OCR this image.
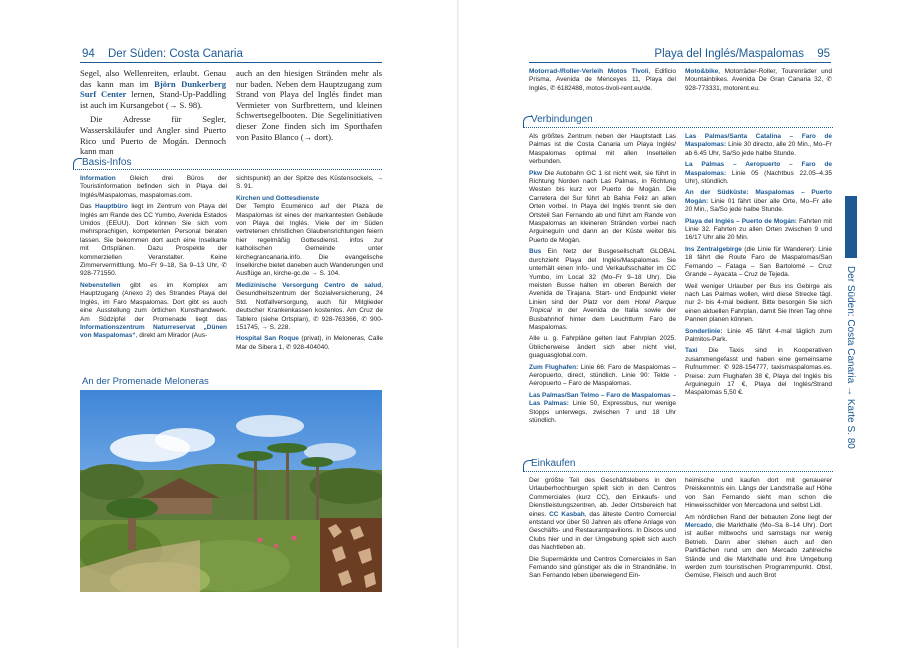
94 Der Süden: Costa Canaria	Playa del Inglés/Maspalomas 95

Segel, also Wellenreiten, erlaubt. Genau das kann man im Björn Dunkerberg Surf Center lernen, Stand-Up-Paddling ist auch im Kursangebot (→ S. 98).

Die Adresse für Segler, Wasserskiläufer und Angler sind Puerto Rico und Puerto de Mogán. Dennoch kann man

auch an den hiesigen Stränden mehr als nur baden. Neben dem Hauptzugang zum Strand von Playa del Inglés findet man Vermieter von Surfbrettern, und kleinen Schwertsegelbooten. Die Segelinitiativen dieser Zone finden sich im Sporthafen von Pasito Blanco (→ dort).

Basis-Infos

Information Gleich drei Büros der Touristinformation befinden sich in Playa del Inglés/Maspalomas, maspalomas.com.

Das Hauptbüro liegt im Zentrum von Playa del Inglés am Rande des CC Yumbo, Avenida Estados Unidos (EEUU). Dort können Sie sich vom mehrsprachigen, kompetenten Personal beraten lassen. Sie bekommen dort auch eine Inselkarte mit Ortsplänen. Dazu Prospekte der kommerziellen Veranstalter. Keine Zimmervermittlung. Mo–Fr 9–18, Sa 9–13 Uhr, ✆ 928-771550.

Nebenstellen gibt es im Komplex am Hauptzugang (Anexo 2) des Strandes Playa del Inglés, im Faro Maspalomas. Dort gibt es auch eine Ausstellung zum örtlichen Kunsthandwerk. Am Südzipfel der Promenade liegt das Informationszentrum Naturreservat „Dünen von Maspalomas“, direkt am Mirador (Aus-

sichtspunkt) an der Spitze des Küstensockels, → S. 91.

Kirchen und Gottesdienste
Der Templo Ecuménico auf der Plaza de Maspalomas ist eines der markantesten Gebäude von Playa del Inglés. Viele der im Süden vertretenen christlichen Glaubensrichtungen feiern hier regelmäßig Gottesdienst. infos zur katholischen Gemeinde unter kirchegrancanaria.info. Die evangelische Inselkirche bietet daneben auch Wanderungen und Ausflüge an, kirche-gc.de → S. 104.

Medizinische Versorgung Centro de salud, Gesundheitszentrum der Sozialversicherung, 24 Std. Notfallversorgung, auch für Mitglieder deutscher Krankenkassen kostenlos. Am Cruz de Tablero (siehe Ortsplan), ✆ 928-763366, ✆ 900-151745, → S. 228.

Hospital San Roque (privat), in Meloneras, Calle Mar de Sibera 1, ✆ 928-404040.

An der Promenade Meloneras

Motorrad-/Roller-Verleih Motos Tivoli, Edificio Prisma, Avenida de Menceyes 11, Playa del Inglés, ✆ 6182488, motos-tivoli-rent.eu/de.

Moto&bike, Motorräder-Roller, Tourenräder und Mountainbikes. Avenida De Gran Canaria 32, ✆ 928-773331, motorent.eu.

Verbindungen

Als größtes Zentrum neben der Hauptstadt Las Palmas ist die Costa Canaria um Playa Inglés/ Maspalomas optimal mit allen Inselteilen verbunden.

Pkw Die Autobahn GC 1 ist nicht weit, sie führt in Richtung Norden nach Las Palmas, in Richtung Westen bis kurz vor Puerto de Mogán. Die Carretera del Sur führt ab Bahia Feliz an allen Orten vorbei. In Playa del Inglés trennt sie den Ortsteil San Fernando ab und führt am Rande von Maspalomas an kleineren Stränden vorbei nach Arguineguín und dann an der Küste weiter bis Puerto de Mogán.

Bus Ein Netz der Busgesellschaft GLOBAL durchzieht Playa del Inglés/Maspalomas. Sie unterhält einen Info- und Verkaufsschalter im CC Yumbo, im Local 32 (Mo–Fr 9–18 Uhr). Die meisten Busse halten im oberen Bereich der Avenida de Tirajana. Start- und Endpunkt vieler Linien sind der Platz vor dem Hotel Parque Tropical in der Avenida de Italia sowie der Busbahnhof hinter dem Leuchtturm Faro de Maspalomas.

Alle u. g. Fahrpläne gelten laut Fahrplan 2025. Üblicherweise ändert sich aber nicht viel, guaguasglobal.com.

Zum Flughafen: Linie 66: Faro de Maspalomas – Aeropuerto, direct, stündlich. Linie 90: Telde - Aeropuerto – Faro de Maspalomas.

Las Palmas/San Telmo – Faro de Maspalomas – Las Palmas: Linie 50, Expressbus, nur wenige Stopps unterwegs, zwischen 7 und 18 Uhr stündlich.

Las Palmas/Santa Catalina – Faro de Maspalomas: Linie 30 directo, alle 20 Min., Mo–Fr ab 6.45 Uhr, Sa/So jede halbe Stunde.

La Palmas – Aeropuerto – Faro de Maspalomas: Linie 05 (Nachtbus 22.05–4.35 Uhr), stündlich.

An der Südküste: Maspalomas – Puerto Mogán: Linie 01 fährt über alle Orte, Mo–Fr alle 20 Min., Sa/So jede halbe Stunde.

Playa del Inglés – Puerto de Mogán: Fahrten mit Linie 32. Fahrten zu allen Orten zwischen 9 und 16/17 Uhr alle 20 Min.

Ins Zentralgebirge (die Linie für Wanderer): Linie 18 fährt die Route Faro de Maspalomas/San Fernando – Fataga – San Bartolomé – Cruz Grande – Ayacata – Cruz de Tejeda.

Weil weniger Urlauber per Bus ins Gebirge als nach Las Palmas wollen, wird diese Strecke tägl. nur 2- bis 4-mal bedient. Bitte besorgen Sie sich einen aktuellen Fahrplan, damit Sie Ihren Tag ohne Pannen planen können.

Sonderlinie: Linie 45 fährt 4-mal täglich zum Palmitos-Park.

Taxi Die Taxis sind in Kooperativen zusammengefasst und haben eine gemeinsame Rufnummer: ✆ 928-154777, taxismaspalomas.es. Preise: zum Flughafen 38 €, Playa del Inglés bis Arguineguín 17 €, Playa del Inglés/Strand Maspalomas 5,50 €.

Einkaufen

Der größte Teil des Geschäftslebens in den Urlauberhochburgen spielt sich in den Centros Commerciales (kurz CC), den Einkaufs- und Dienstleistungszentren, ab. Jeder Ortsbereich hat eines. CC Kasbah, das älteste Centro Comercial entstand vor über 50 Jahren als offene Anlage von Geschäfts- und Restaurantpavilions. In Discos und Clubs hier und in der Umgebung spielt sich auch das Nachtleben ab.

Die Supermärkte und Centros Comerciales in San Fernando sind günstiger als die in Strandnähe. In San Fernando leben überwiegend Ein-

heimische und kaufen dort mit genauerer Preiskenntnis ein. Längs der Landstraße auf Höhe von San Fernando sieht man schon die Hinweisschilder von Mercadona und selbst Lidl.

Am nördlichen Rand der bebauten Zone liegt der Mercado, die Markthalle (Mo–Sa 8–14 Uhr). Dort ist außer mittwochs und samstags nur wenig Betrieb. Dann aber stehen auch auf den Parkflächen rund um den Mercado zahlreiche Stände und die Markthalle und ihre Umgebung werden zum touristischen Programmpunkt. Obst, Gemüse, Fleisch und auch Brot

Der Süden: Costa Canaria → Karte S. 80
